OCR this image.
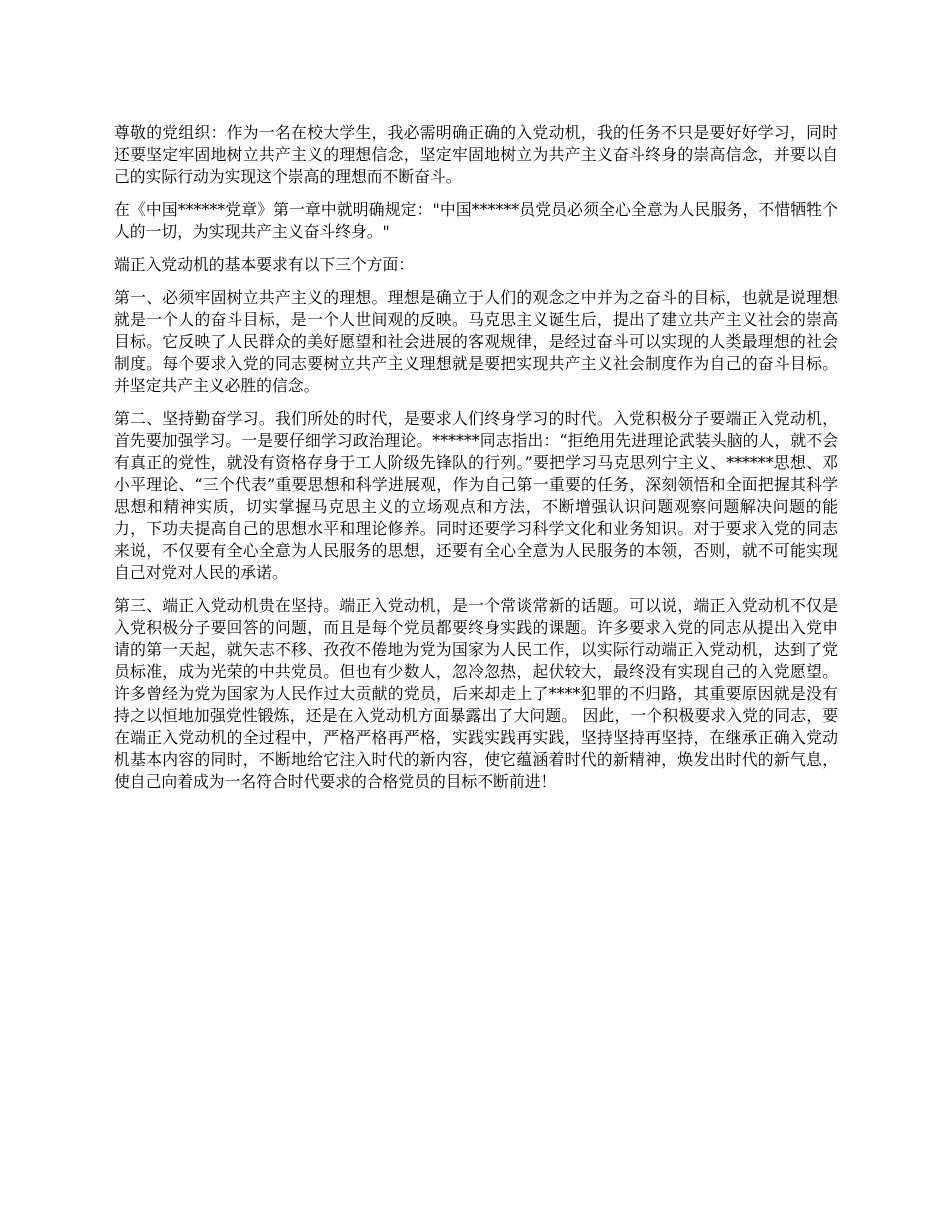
尊敬的党组织：作为一名在校大学生，我必需明确正确的入党动机，我的任务不只是要好好学习，同时还要坚定牢固地树立共产主义的理想信念，坚定牢固地树立为共产主义奋斗终身的崇高信念，并要以自己的实际行动为实现这个崇高的理想而不断奋斗。

在《中国******党章》第一章中就明确规定："中国******员党员必须全心全意为人民服务，不惜牺牲个人的一切，为实现共产主义奋斗终身。"

端正入党动机的基本要求有以下三个方面：

第一、必须牢固树立共产主义的理想。理想是确立于人们的观念之中并为之奋斗的目标，也就是说理想就是一个人的奋斗目标，是一个人世间观的反映。马克思主义诞生后，提出了建立共产主义社会的崇高目标。它反映了人民群众的美好愿望和社会进展的客观规律，是经过奋斗可以实现的人类最理想的社会制度。每个要求入党的同志要树立共产主义理想就是要把实现共产主义社会制度作为自己的奋斗目标。并坚定共产主义必胜的信念。

第二、坚持勤奋学习。我们所处的时代，是要求人们终身学习的时代。入党积极分子要端正入党动机，首先要加强学习。一是要仔细学习政治理论。******同志指出：“拒绝用先进理论武装头脑的人，就不会有真正的党性，就没有资格存身于工人阶级先锋队的行列。”要把学习马克思列宁主义、******思想、邓小平理论、“三个代表”重要思想和科学进展观，作为自己第一重要的任务，深刻领悟和全面把握其科学思想和精神实质，切实掌握马克思主义的立场观点和方法，不断增强认识问题观察问题解决问题的能力，下功夫提高自己的思想水平和理论修养。同时还要学习科学文化和业务知识。对于要求入党的同志来说，不仅要有全心全意为人民服务的思想，还要有全心全意为人民服务的本领，否则，就不可能实现自己对党对人民的承诺。

第三、端正入党动机贵在坚持。端正入党动机，是一个常谈常新的话题。可以说，端正入党动机不仅是入党积极分子要回答的问题，而且是每个党员都要终身实践的课题。许多要求入党的同志从提出入党申请的第一天起，就矢志不移、孜孜不倦地为党为国家为人民工作，以实际行动端正入党动机，达到了党员标准，成为光荣的中共党员。但也有少数人，忽冷忽热，起伏较大，最终没有实现自己的入党愿望。许多曾经为党为国家为人民作过大贡献的党员，后来却走上了****犯罪的不归路，其重要原因就是没有持之以恒地加强党性锻炼，还是在入党动机方面暴露出了大问题。 因此，一个积极要求入党的同志，要在端正入党动机的全过程中，严格严格再严格，实践实践再实践，坚持坚持再坚持，在继承正确入党动机基本内容的同时，不断地给它注入时代的新内容，使它蕴涵着时代的新精神，焕发出时代的新气息，使自己向着成为一名符合时代要求的合格党员的目标不断前进！
